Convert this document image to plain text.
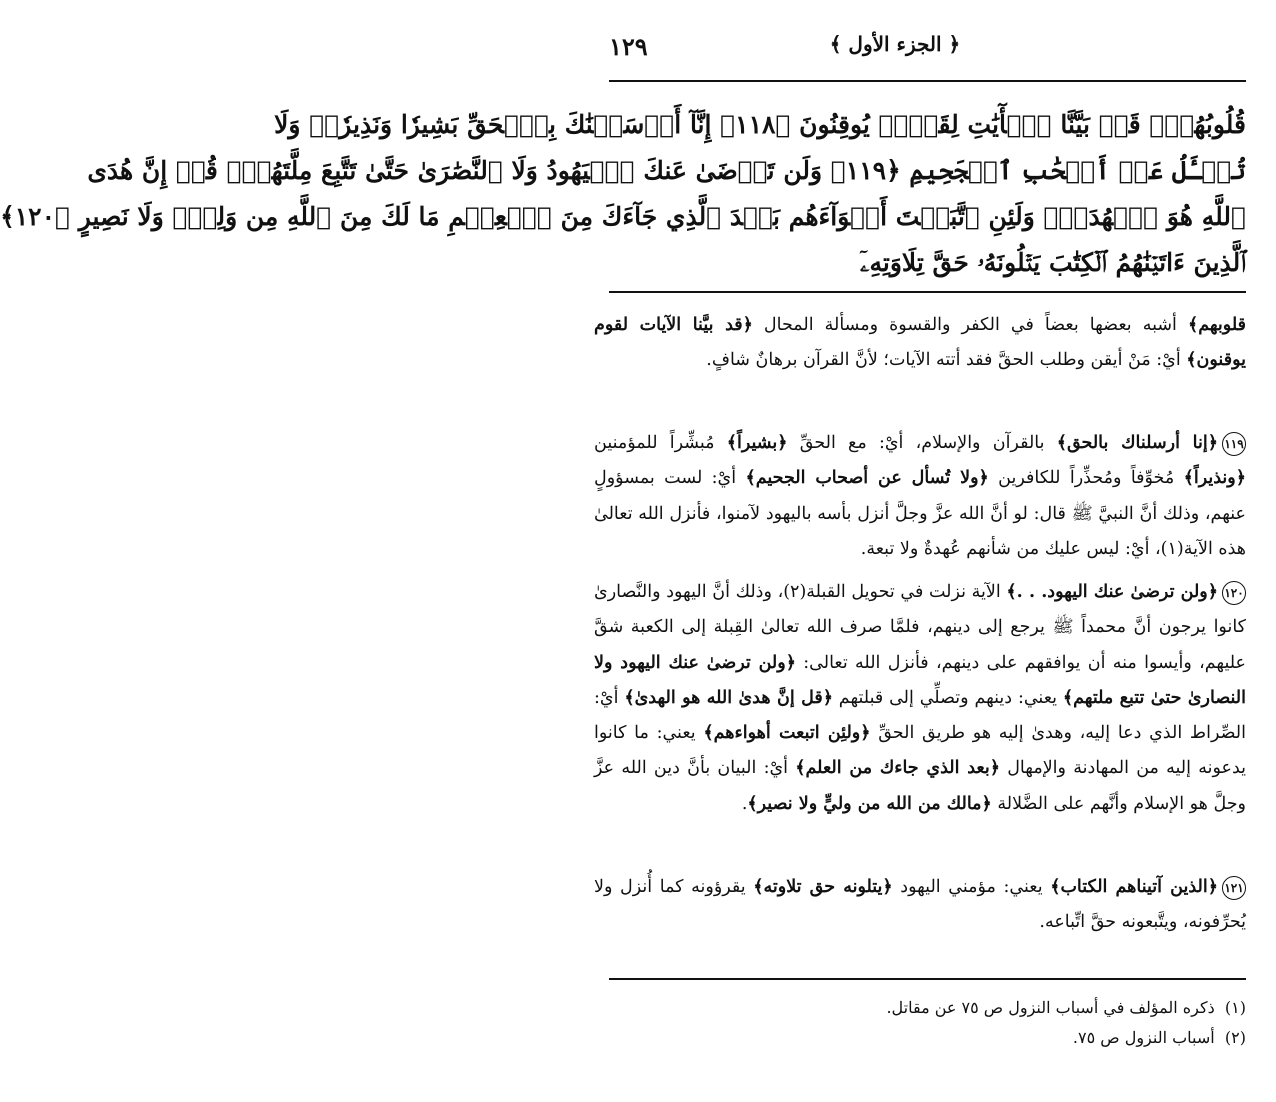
١٢٩	﴿ الجزء الأول ﴾
قُلُوبُهُمۡۗ قَدۡ بَيَّنَّا ٱلۡأٓيَٰتِ لِقَوۡمٖ يُوقِنُونَ ﴿١١٨﴾ إِنَّآ أَرۡسَلۡنَٰكَ بِٱلۡحَقِّ بَشِيرٗا وَنَذِيرٗاۖ وَلَا
تُسۡـَٔلُ عَنۡ أَصۡحَٰبِ ٱلۡجَحِيمِ ﴿١١٩﴾ وَلَن تَرۡضَىٰ عَنكَ ٱلۡيَهُودُ وَلَا ٱلنَّصَٰرَىٰ حَتَّىٰ تَتَّبِعَ مِلَّتَهُمۡۗ قُلۡ إِنَّ هُدَى
ٱللَّهِ هُوَ ٱلۡهُدَىٰۗ وَلَئِنِ ٱتَّبَعۡتَ أَهۡوَآءَهُم بَعۡدَ ٱلَّذِي جَآءَكَ مِنَ ٱلۡعِلۡمِ مَا لَكَ مِنَ ٱللَّهِ مِن وَلِيّٖ وَلَا نَصِيرٍ ﴿١٢٠﴾
ٱلَّذِينَ ءَاتَيۡنَٰهُمُ ٱلۡكِتَٰبَ يَتۡلُونَهُۥ حَقَّ تِلَاوَتِهِۦٓ

قلوبهم﴾ أشبه بعضها بعضاً في الكفر والقسوة ومسألة المحال ﴿قد بيَّنا الآيات لقوم يوقنون﴾ أيْ: مَنْ أيقن وطلب الحقَّ فقد أتته الآيات؛ لأنَّ القرآن برهانٌ شافٍ.

١١٩﴿إنا أرسلناك بالحق﴾ بالقرآن والإسلام، أيْ: مع الحقِّ ﴿بشيراً﴾ مُبشِّراً للمؤمنين ﴿ونذيراً﴾ مُخوِّفاً ومُحذِّراً للكافرين ﴿ولا تُسأل عن أصحاب الجحيم﴾ أيْ: لست بمسؤولٍ عنهم، وذلك أنَّ النبيَّ ﷺ قال: لو أنَّ الله عزَّ وجلَّ أنزل بأسه باليهود لآمنوا، فأنزل الله تعالىٰ هذه الآية(١)، أيْ: ليس عليك من شأنهم عُهدةٌ ولا تبعة.

١٢٠﴿ولن ترضىٰ عنك اليهود. . .﴾ الآية نزلت في تحويل القبلة(٢)، وذلك أنَّ اليهود والنَّصارىٰ كانوا يرجون أنَّ محمداً ﷺ يرجع إلى دينهم، فلمَّا صرف الله تعالىٰ القِبلة إلى الكعبة شقَّ عليهم، وأيسوا منه أن يوافقهم على دينهم، فأنزل الله تعالى: ﴿ولن ترضىٰ عنك اليهود ولا النصارىٰ حتىٰ تتبع ملتهم﴾ يعني: دينهم وتصلِّي إلى قبلتهم ﴿قل إنَّ هدىٰ الله هو الهدىٰ﴾ أيْ: الصِّراط الذي دعا إليه، وهدىٰ إليه هو طريق الحقِّ ﴿ولئِن اتبعت أهواءهم﴾ يعني: ما كانوا يدعونه إليه من المهادنة والإمهال ﴿بعد الذي جاءك من العلم﴾ أيْ: البيان بأنَّ دين الله عزَّ وجلَّ هو الإسلام وأنَّهم على الضَّلالة ﴿مالك من الله من وليٍّ ولا نصير﴾.

١٢١﴿الذين آتيناهم الكتاب﴾ يعني: مؤمني اليهود ﴿يتلونه حق تلاوته﴾ يقرؤونه كما أُنزل ولا يُحرِّفونه، ويتَّبعونه حقَّ اتِّباعه.

(١)  ذكره المؤلف في أسباب النزول ص ٧٥ عن مقاتل.
(٢)  أسباب النزول ص ٧٥.
